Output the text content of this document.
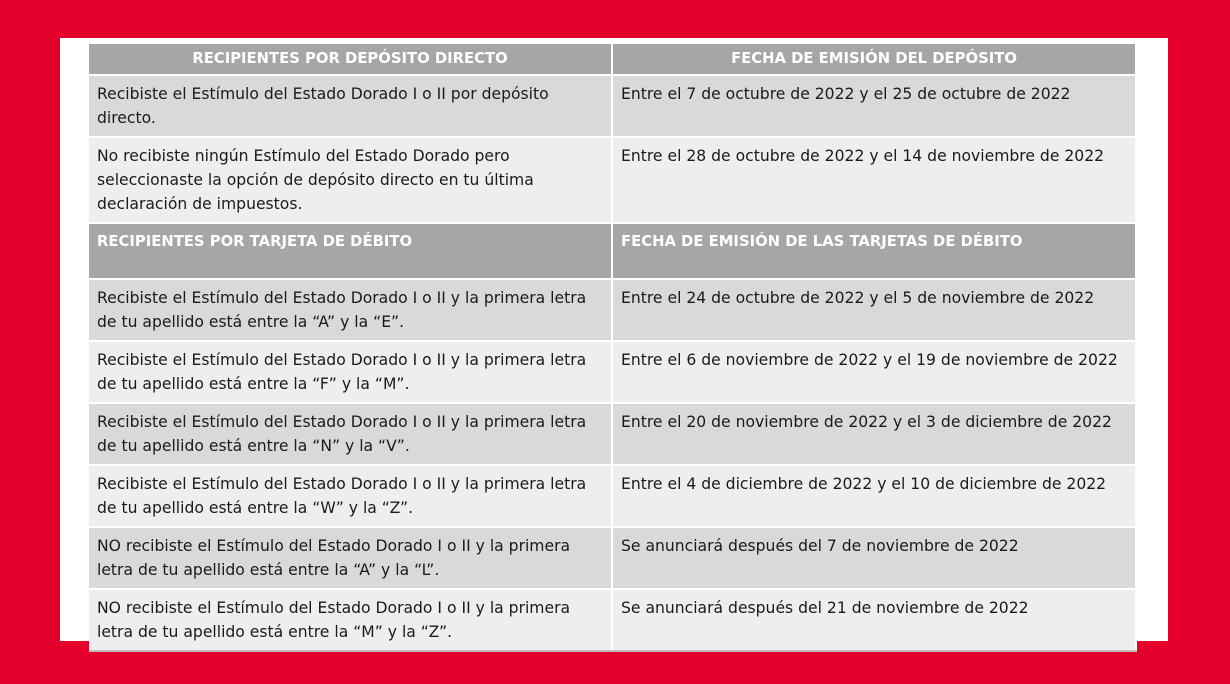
RECIPIENTES POR DEPÓSITO DIRECTO	FECHA DE EMISIÓN DEL DEPÓSITO
Recibiste el Estímulo del Estado Dorado I o II por depósito directo.	Entre el 7 de octubre de 2022 y el 25 de octubre de 2022
No recibiste ningún Estímulo del Estado Dorado pero seleccionaste la opción de depósito directo en tu última declaración de impuestos.	Entre el 28 de octubre de 2022 y el 14 de noviembre de 2022
RECIPIENTES POR TARJETA DE DÉBITO	FECHA DE EMISIÓN DE LAS TARJETAS DE DÉBITO
Recibiste el Estímulo del Estado Dorado I o II y la primera letra de tu apellido está entre la “A” y la “E”.	Entre el 24 de octubre de 2022 y el 5 de noviembre de 2022
Recibiste el Estímulo del Estado Dorado I o II y la primera letra de tu apellido está entre la “F” y la “M”.	Entre el 6 de noviembre de 2022 y el 19 de noviembre de 2022
Recibiste el Estímulo del Estado Dorado I o II y la primera letra de tu apellido está entre la “N” y la “V”.	Entre el 20 de noviembre de 2022 y el 3 de diciembre de 2022
Recibiste el Estímulo del Estado Dorado I o II y la primera letra de tu apellido está entre la “W” y la “Z”.	Entre el 4 de diciembre de 2022 y el 10 de diciembre de 2022
NO recibiste el Estímulo del Estado Dorado I o II y la primera letra de tu apellido está entre la “A” y la “L”.	Se anunciará después del 7 de noviembre de 2022
NO recibiste el Estímulo del Estado Dorado I o II y la primera letra de tu apellido está entre la “M” y la “Z”.	Se anunciará después del 21 de noviembre de 2022
